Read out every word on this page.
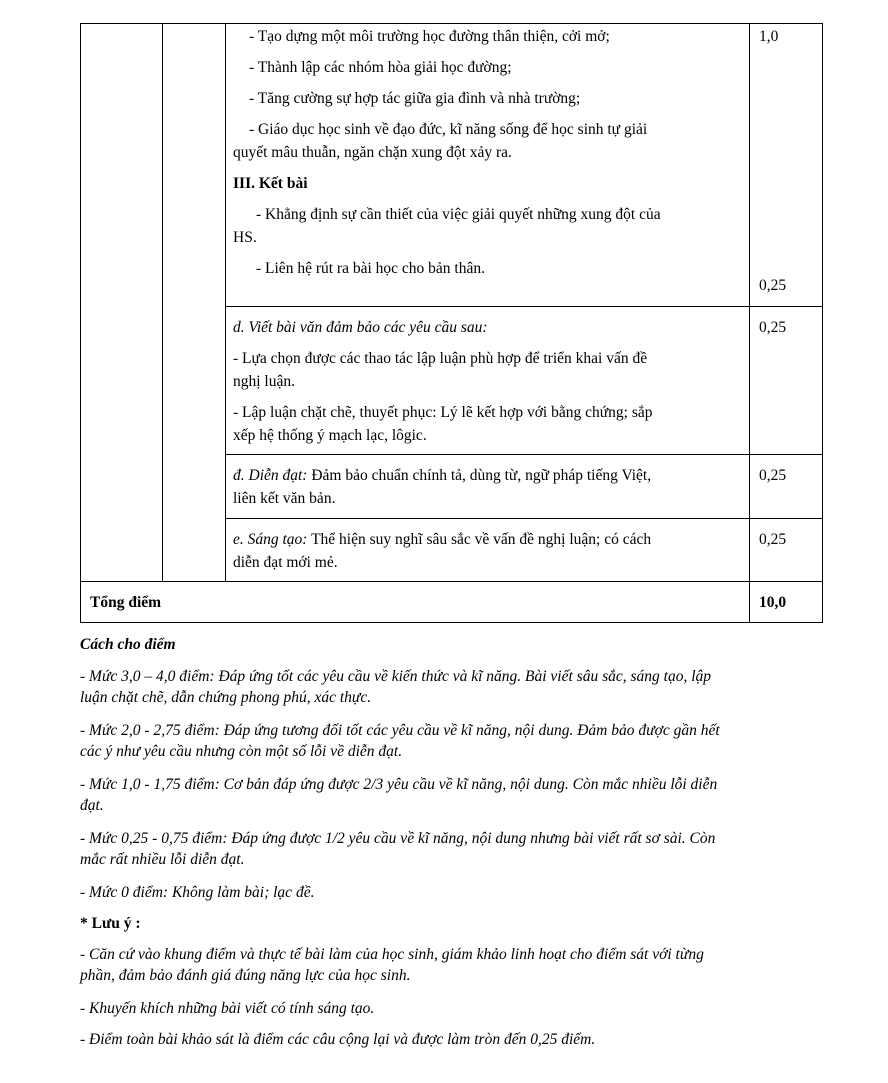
- Tạo dựng một môi trường học đường thân thiện, cởi mở;
- Thành lập các nhóm hòa giải học đường;
- Tăng cường sự hợp tác giữa gia đình và nhà trường;
- Giáo dục học sinh về đạo đức, kĩ năng sống để học sinh tự giải
quyết mâu thuẫn, ngăn chặn xung đột xảy ra.
III. Kết bài
- Khẳng định sự cần thiết của việc giải quyết những xung đột của
HS.
- Liên hệ rút ra bài học cho bản thân.
1,0
0,25
d. Viết bài văn đảm bảo các yêu cầu sau:
- Lựa chọn được các thao tác lập luận phù hợp để triển khai vấn đề
nghị luận.
- Lập luận chặt chẽ, thuyết phục: Lý lẽ kết hợp với bằng chứng; sắp
xếp hệ thống ý mạch lạc, lôgic.
0,25
đ. Diễn đạt: Đảm bảo chuẩn chính tả, dùng từ, ngữ pháp tiếng Việt,
liên kết văn bản.
0,25
e. Sáng tạo: Thể hiện suy nghĩ sâu sắc về vấn đề nghị luận; có cách
diễn đạt mới mẻ.
0,25
Tổng điểm	10,0
Cách cho điểm
- Mức 3,0 – 4,0 điểm: Đáp ứng tốt các yêu cầu về kiến thức và kĩ năng. Bài viết sâu sắc, sáng tạo, lập
luận chặt chẽ, dẫn chứng phong phú, xác thực.
- Mức 2,0 - 2,75 điểm: Đáp ứng tương đối tốt các yêu cầu về kĩ năng, nội dung. Đảm bảo được gần hết
các ý như yêu cầu nhưng còn một số lỗi về diễn đạt.
- Mức 1,0 - 1,75 điểm: Cơ bản đáp ứng được 2/3 yêu cầu về kĩ năng, nội dung. Còn mắc nhiều lỗi diễn
đạt.
- Mức 0,25 - 0,75 điểm: Đáp ứng được 1/2 yêu cầu về kĩ năng, nội dung nhưng bài viết rất sơ sài. Còn
mắc rất nhiều lỗi diễn đạt.
- Mức 0 điểm: Không làm bài; lạc đề.
* Lưu ý :
- Căn cứ vào khung điểm và thực tế bài làm của học sinh, giám khảo linh hoạt cho điểm sát với từng
phần, đảm bảo đánh giá đúng năng lực của học sinh.
- Khuyến khích những bài viết có tính sáng tạo.
- Điểm toàn bài khảo sát là điểm các câu cộng lại và được làm tròn đến 0,25 điểm.
